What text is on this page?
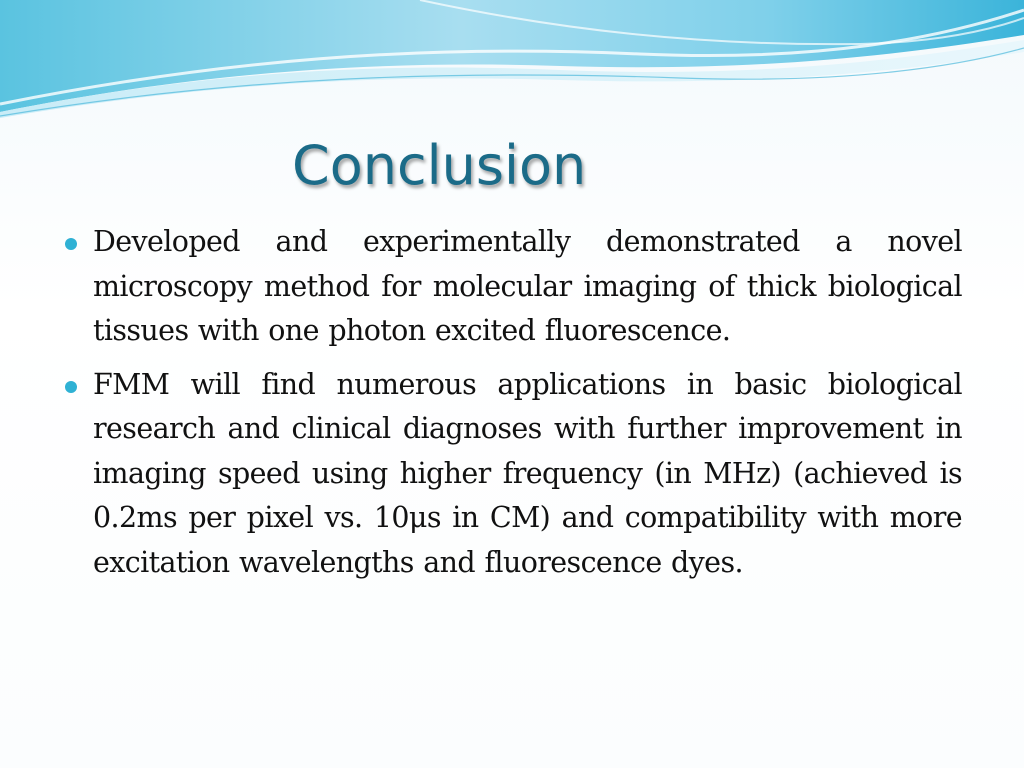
Conclusion
Developed and experimentally demonstrated a novel microscopy method for molecular imaging of thick biological tissues with one photon excited fluorescence.
FMM will find numerous applications in basic biological research and clinical diagnoses with further improvement in imaging speed using higher frequency (in MHz) (achieved is 0.2ms per pixel vs. 10μs in CM) and compatibility with more excitation wavelengths and fluorescence dyes.
